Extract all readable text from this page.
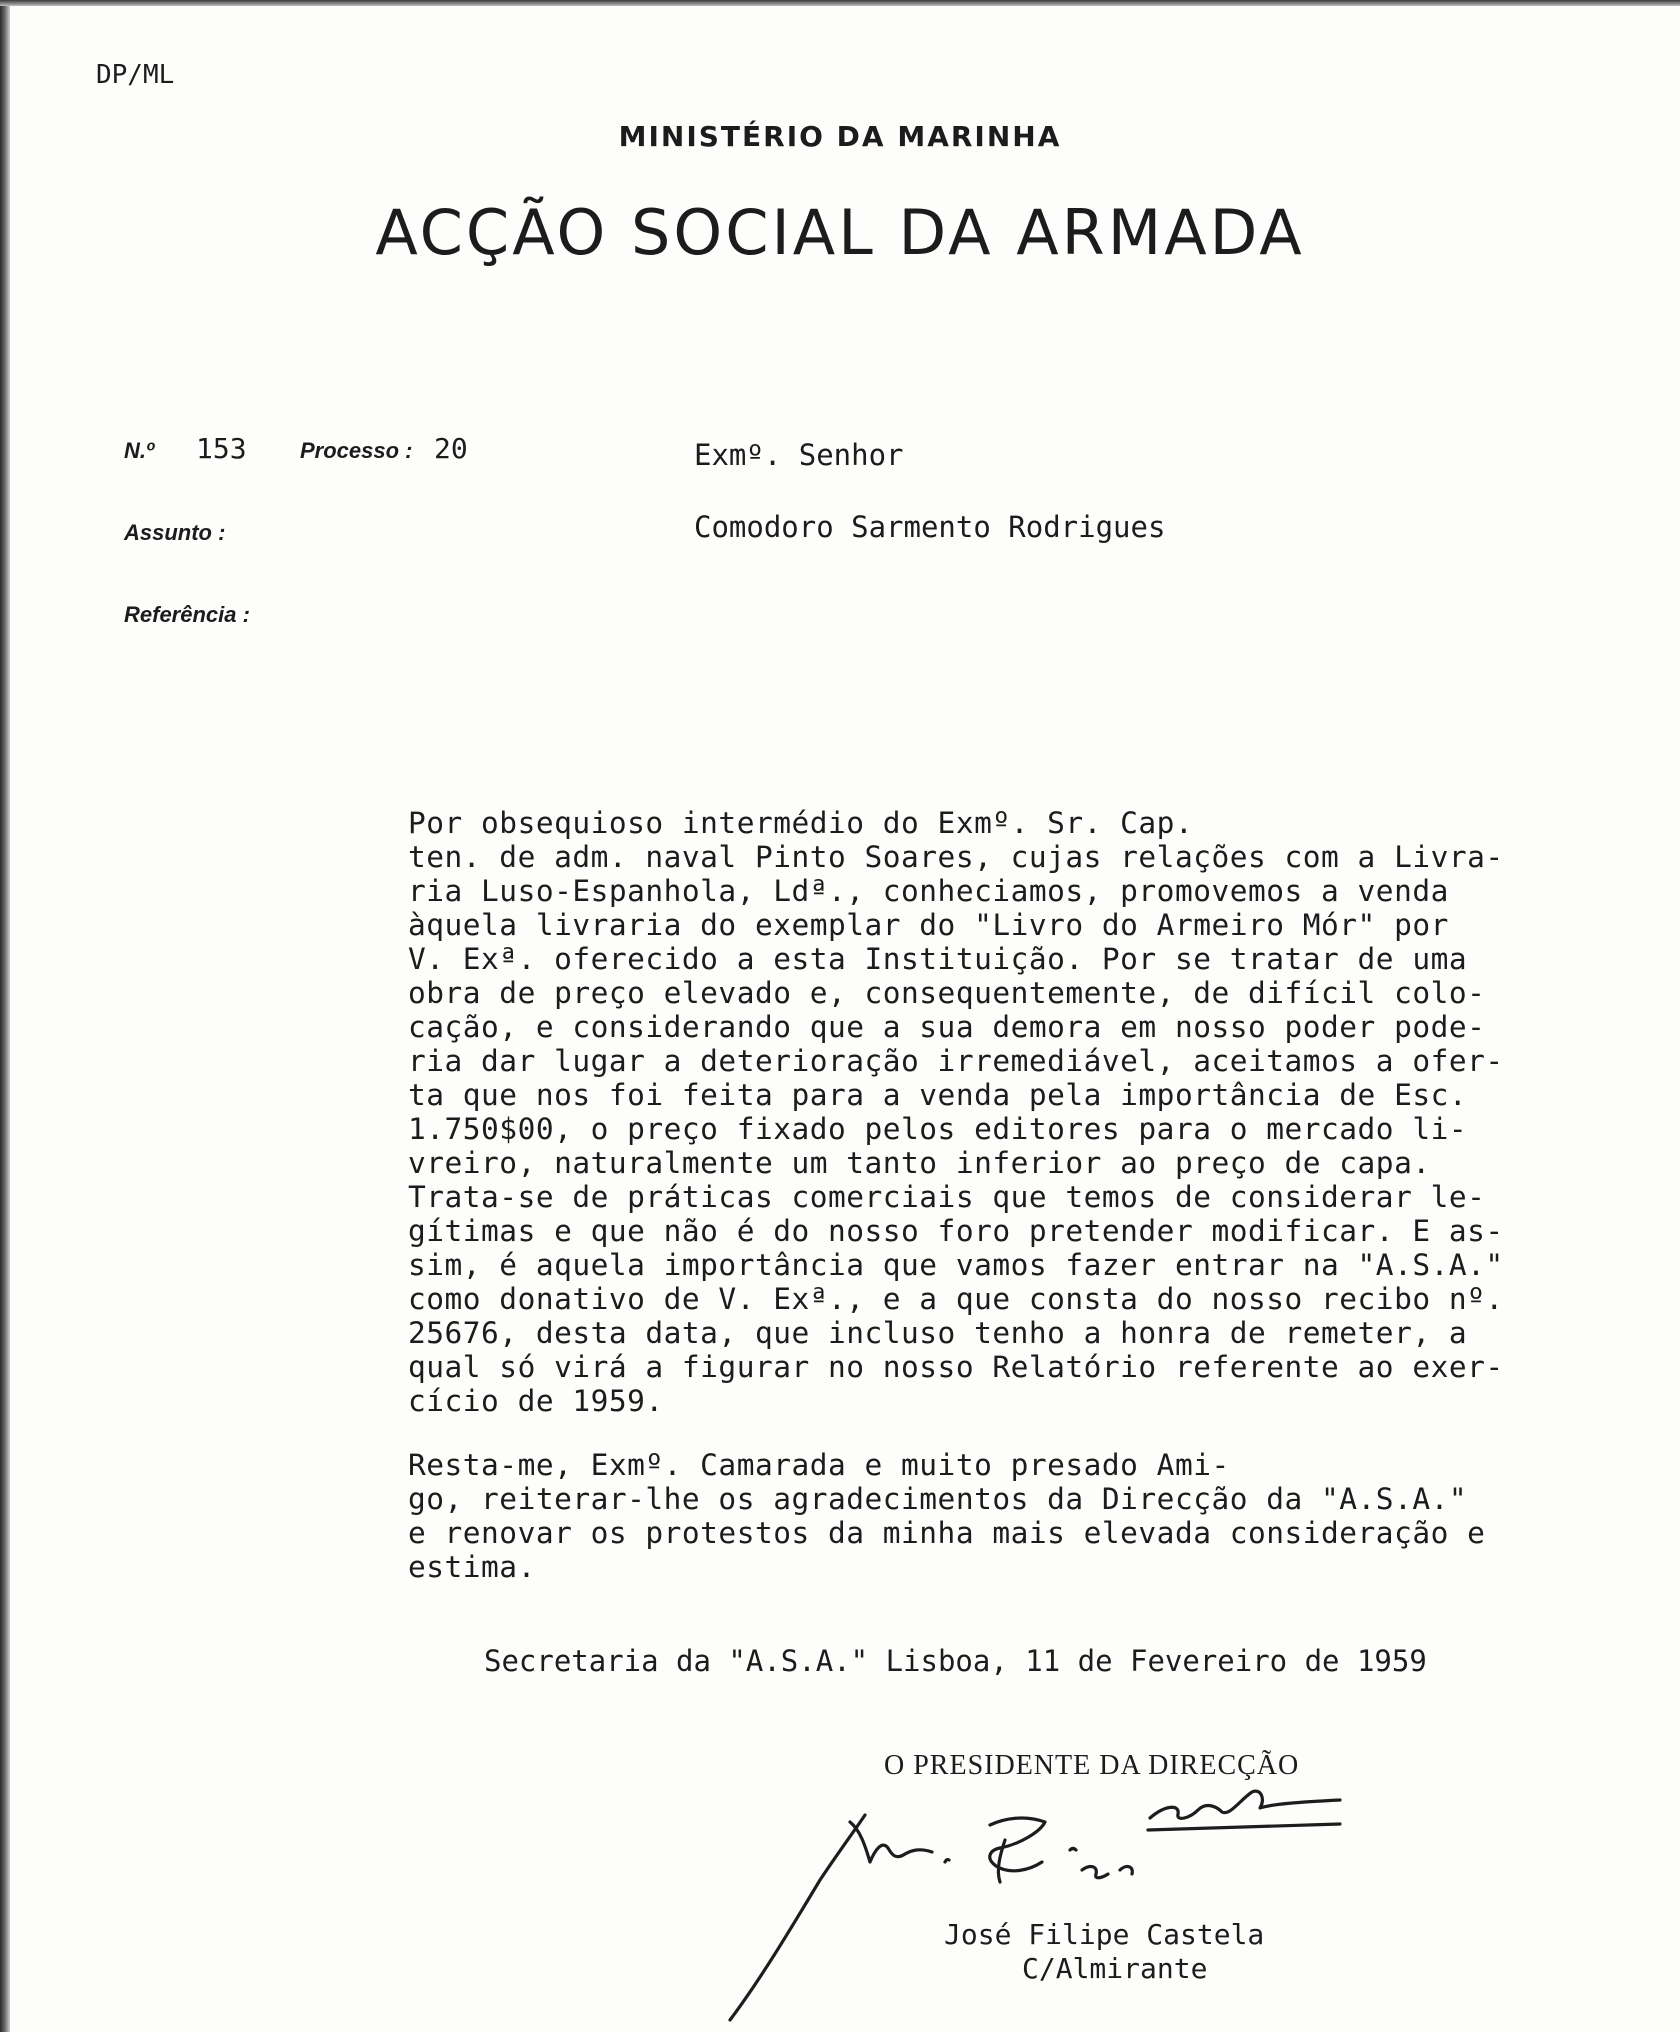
DP/ML
MINISTÉRIO DA MARINHA
ACÇÃO SOCIAL DA ARMADA
N.º 153 Processo : 20
Assunto :
Referência :
Exmº. Senhor
Comodoro Sarmento Rodrigues
Por obsequioso intermédio do Exmº. Sr. Cap.
ten. de adm. naval Pinto Soares, cujas relações com a Livra-
ria Luso-Espanhola, Ldª., conheciamos, promovemos a venda
àquela livraria do exemplar do "Livro do Armeiro Mór" por
V. Exª. oferecido a esta Instituição. Por se tratar de uma
obra de preço elevado e, consequentemente, de difícil colo-
cação, e considerando que a sua demora em nosso poder pode-
ria dar lugar a deterioração irremediável, aceitamos a ofer-
ta que nos foi feita para a venda pela importância de Esc.
1.750$00, o preço fixado pelos editores para o mercado li-
vreiro, naturalmente um tanto inferior ao preço de capa.
Trata-se de práticas comerciais que temos de considerar le-
gítimas e que não é do nosso foro pretender modificar. E as-
sim, é aquela importância que vamos fazer entrar na "A.S.A."
como donativo de V. Exª., e a que consta do nosso recibo nº.
25676, desta data, que incluso tenho a honra de remeter, a
qual só virá a figurar no nosso Relatório referente ao exer-
cício de 1959.
Resta-me, Exmº. Camarada e muito presado Ami-
go, reiterar-lhe os agradecimentos da Direcção da "A.S.A."
e renovar os protestos da minha mais elevada consideração e
estima.
Secretaria da "A.S.A." Lisboa, 11 de Fevereiro de 1959
O PRESIDENTE DA DIRECÇÃO
José Filipe Castela
C/Almirante
